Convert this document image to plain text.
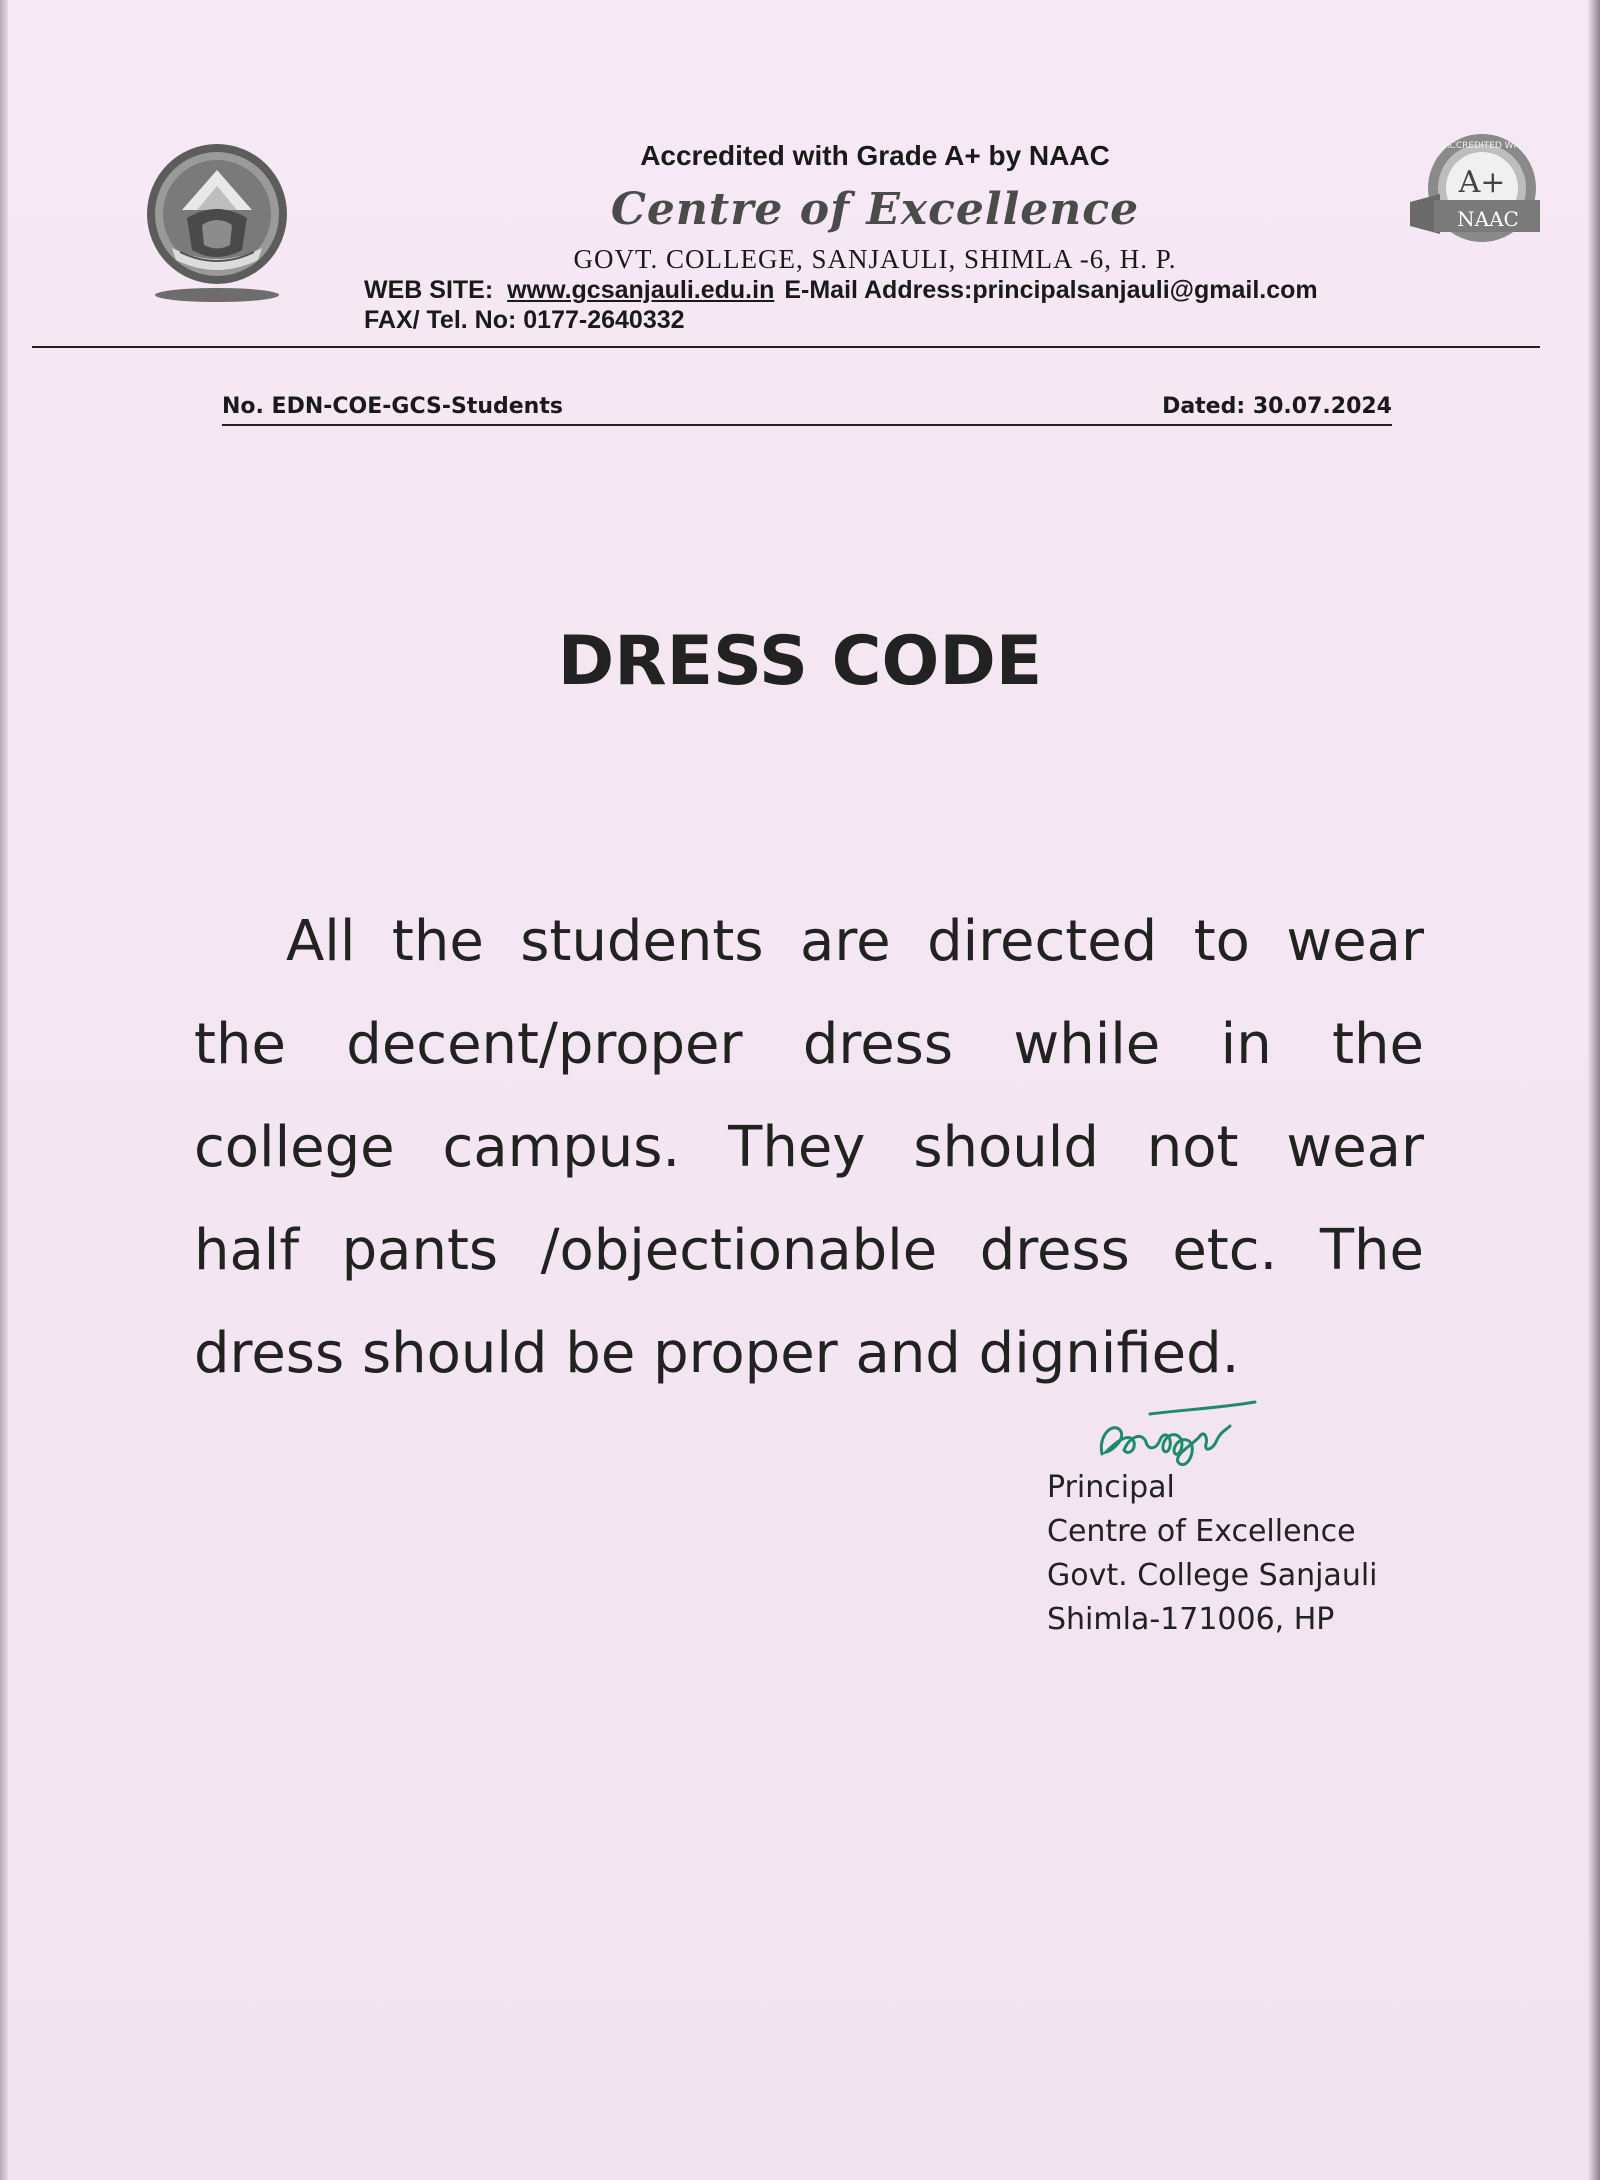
A+
NAAC
ACCREDITED WITH
Accredited with Grade A+ by NAAC
Centre of Excellence
GOVT. COLLEGE, SANJAULI, SHIMLA -6, H. P.
WEB SITE: www.gcsanjauli.edu.in E-Mail Address:principalsanjauli@gmail.com
FAX/ Tel. No: 0177-2640332
No. EDN-COE-GCS-Students	Dated: 30.07.2024
DRESS CODE
All the students are directed to wear
the decent/proper dress while in the
college campus. They should not wear
half pants /objectionable dress etc. The
dress should be proper and dignified.
Principal
Centre of Excellence
Govt. College Sanjauli
Shimla-171006, HP
